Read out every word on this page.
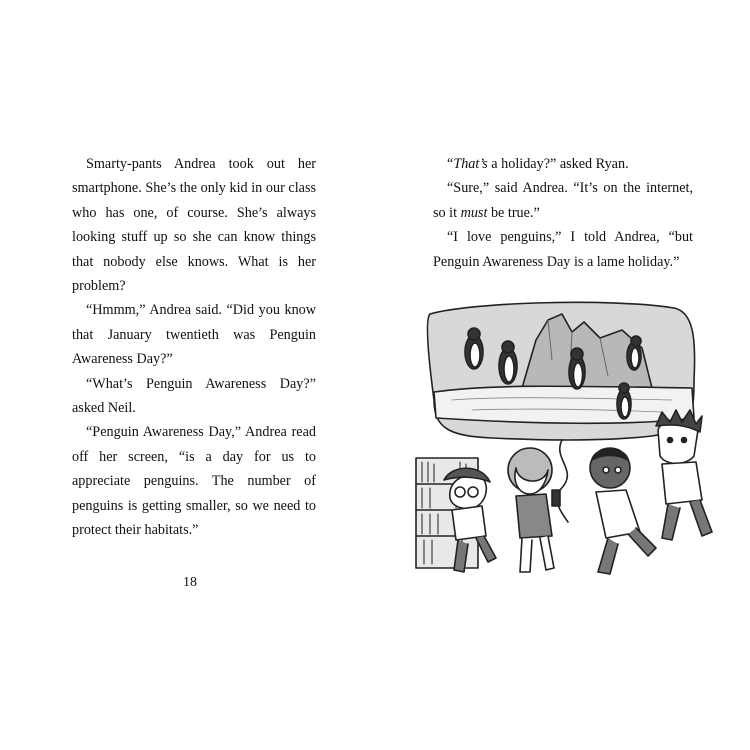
Smarty-pants Andrea took out her smartphone. She’s the only kid in our class who has one, of course. She’s always looking stuff up so she can know things that nobody else knows. What is her problem?

“Hmmm,” Andrea said. “Did you know that January twentieth was Penguin Awareness Day?”

“What’s Penguin Awareness Day?” asked Neil.

“Penguin Awareness Day,” Andrea read off her screen, “is a day for us to appreciate penguins. The number of penguins is getting smaller, so we need to protect their habitats.”

18

“That’s a holiday?” asked Ryan.

“Sure,” said Andrea. “It’s on the internet, so it must be true.”

“I love penguins,” I told Andrea, “but Penguin Awareness Day is a lame holiday.”
